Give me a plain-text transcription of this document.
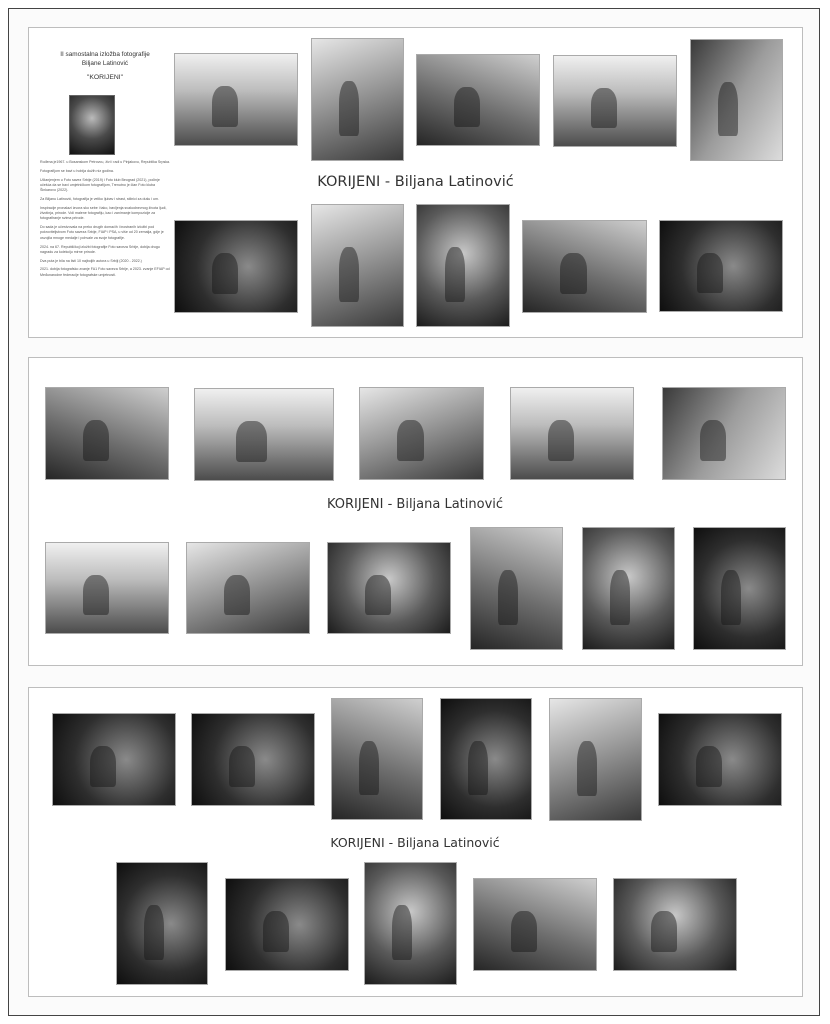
II samostalna izložba fotografije
Biljane Latinović
"KORIJENI"

Rođena je1967. u Bosanskom Petrovcu, živi i radi u Pinjakovu, Republika Srpska.

Fotografijom se bavi u hobija dužih niz godina.

Učlanjenjem u Foto savez Srbije (2019) i Foto klub Beograd (2021), počinje učešća da se bavi umjetničkom fotografijom, Trenutno je član Foto kluba Šinkarovo (2022).

Za Biljanu Latinović, fotografija je veliko ljubav i strast, stilnici za dušu i um.

Inspiracije pronalazi izvora sko sebe i tako, bavljenja svakodnevnog života ljudi, životinja, prirode. Voli malene fotografiju, kao i zanimanje kompozicije za fotografiranje svima prirode.

Do sada je učestvovala na preko drugih domaćih i inostranih izložbi pod pokroviteljstvom Foto saveza Srbije, FIAP i PSA, u više od 20 zemalja, gdje je osvojila mnoge medalje i pohvale za svoje fotografije.

2024. na 67. Republičkoj izložbi fotografije Foto saveza Srbije, dobija drugu nagradu za kolekciju mirne prirode.

Dva puta je bila na listi 10 najboljih autora u Srbiji (2020 - 2022.)

2021. dobija fotografsko zvanje FA1 Foto saveza Srbije, a 2023. zvanje EFIAP od Međunarodne federacije fotografske umjetnosti.

KORIJENI - Biljana Latinović
KORIJENI - Biljana Latinović
KORIJENI - Biljana Latinović
